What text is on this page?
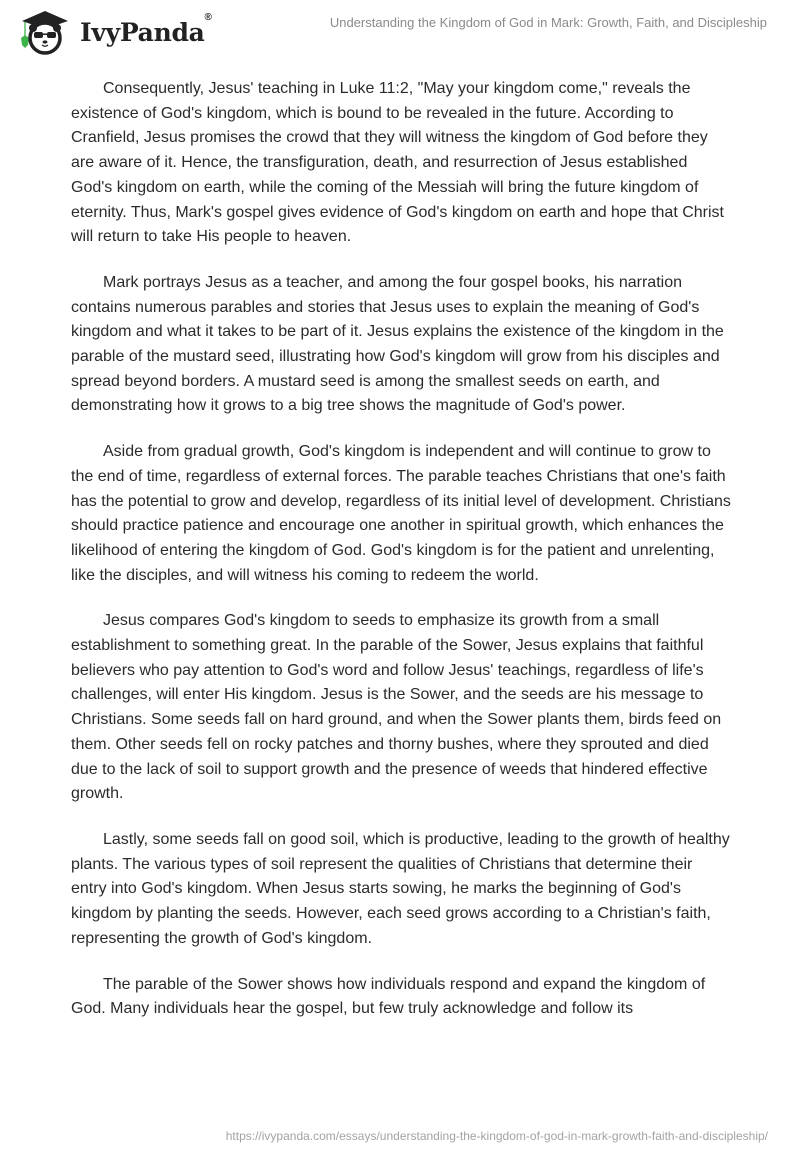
IvyPanda®	Understanding the Kingdom of God in Mark: Growth, Faith, and Discipleship

Consequently, Jesus' teaching in Luke 11:2, "May your kingdom come," reveals the existence of God's kingdom, which is bound to be revealed in the future. According to Cranfield, Jesus promises the crowd that they will witness the kingdom of God before they are aware of it. Hence, the transfiguration, death, and resurrection of Jesus established God's kingdom on earth, while the coming of the Messiah will bring the future kingdom of eternity. Thus, Mark's gospel gives evidence of God's kingdom on earth and hope that Christ will return to take His people to heaven.

Mark portrays Jesus as a teacher, and among the four gospel books, his narration contains numerous parables and stories that Jesus uses to explain the meaning of God's kingdom and what it takes to be part of it. Jesus explains the existence of the kingdom in the parable of the mustard seed, illustrating how God's kingdom will grow from his disciples and spread beyond borders. A mustard seed is among the smallest seeds on earth, and demonstrating how it grows to a big tree shows the magnitude of God's power.

Aside from gradual growth, God's kingdom is independent and will continue to grow to the end of time, regardless of external forces. The parable teaches Christians that one's faith has the potential to grow and develop, regardless of its initial level of development. Christians should practice patience and encourage one another in spiritual growth, which enhances the likelihood of entering the kingdom of God. God's kingdom is for the patient and unrelenting, like the disciples, and will witness his coming to redeem the world.

Jesus compares God's kingdom to seeds to emphasize its growth from a small establishment to something great. In the parable of the Sower, Jesus explains that faithful believers who pay attention to God's word and follow Jesus' teachings, regardless of life's challenges, will enter His kingdom. Jesus is the Sower, and the seeds are his message to Christians. Some seeds fall on hard ground, and when the Sower plants them, birds feed on them. Other seeds fell on rocky patches and thorny bushes, where they sprouted and died due to the lack of soil to support growth and the presence of weeds that hindered effective growth.

Lastly, some seeds fall on good soil, which is productive, leading to the growth of healthy plants. The various types of soil represent the qualities of Christians that determine their entry into God's kingdom. When Jesus starts sowing, he marks the beginning of God's kingdom by planting the seeds. However, each seed grows according to a Christian's faith, representing the growth of God's kingdom.

The parable of the Sower shows how individuals respond and expand the kingdom of God. Many individuals hear the gospel, but few truly acknowledge and follow its

https://ivypanda.com/essays/understanding-the-kingdom-of-god-in-mark-growth-faith-and-discipleship/
